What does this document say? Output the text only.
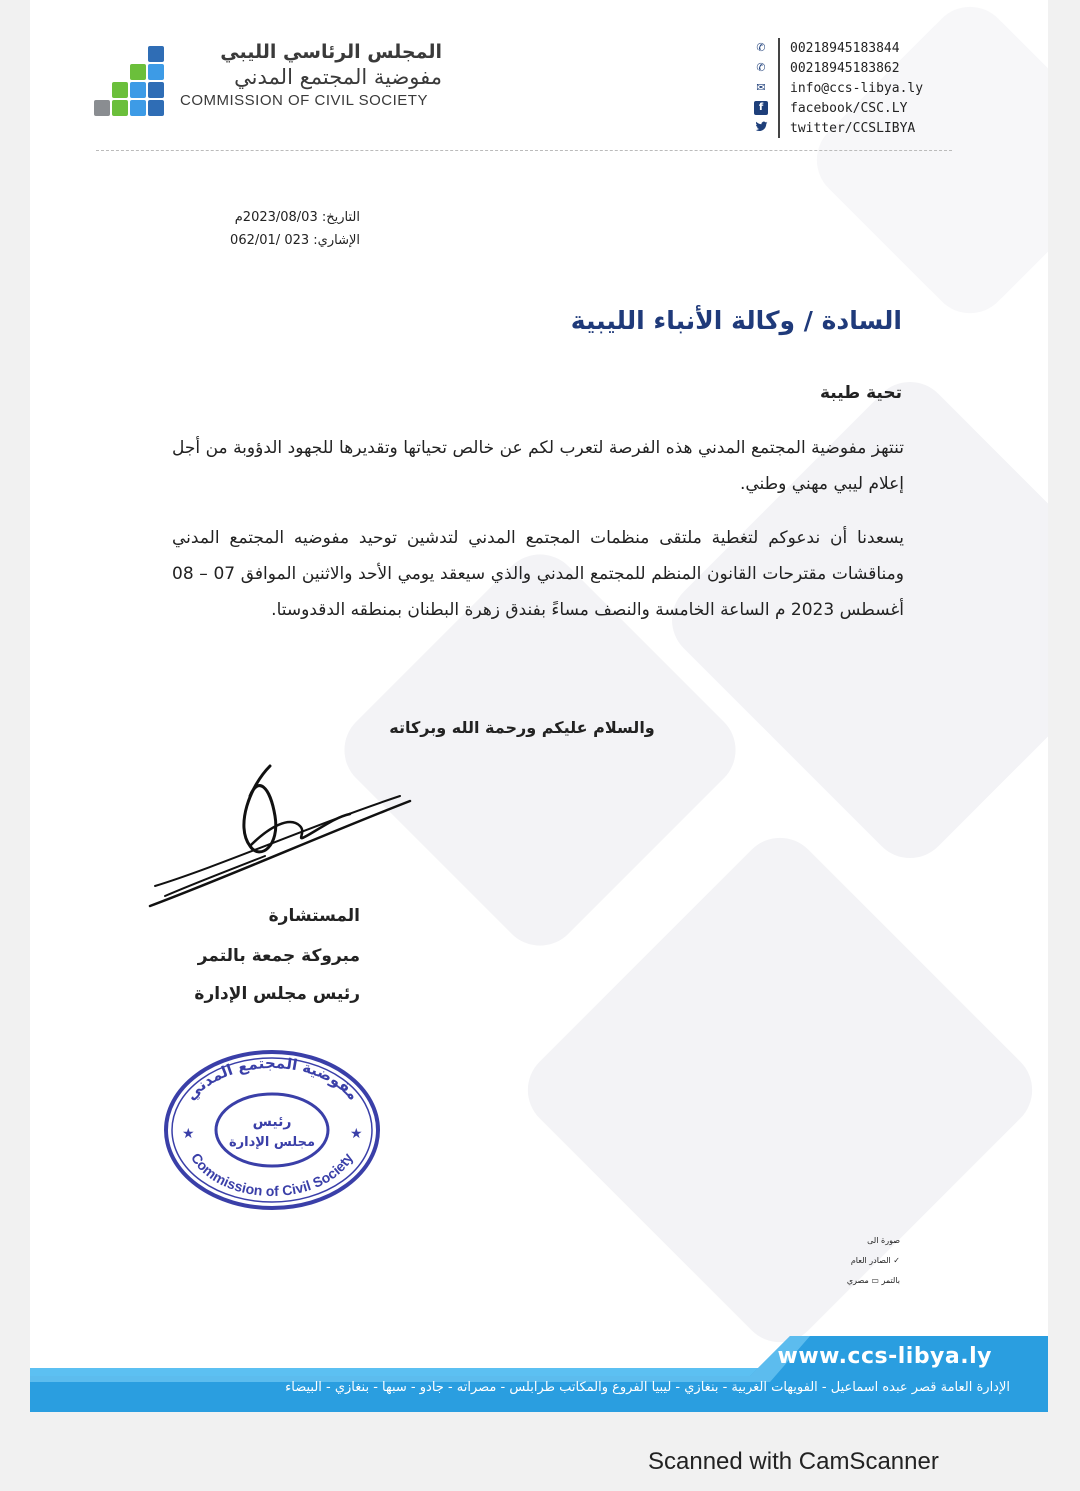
المجلس الرئاسي الليبي
مفوضية المجتمع المدني
COMMISSION OF CIVIL SOCIETY
✆	00218945183844
✆	00218945183862
✉	info@ccs-libya.ly
f	facebook/CSC.LY
twitter/CCSLIBYA
التاريخ: 2023/08/03م
الإشاري: 023 /062/01
السادة / وكالة الأنباء الليبية
تحية طيبة
تنتهز مفوضية المجتمع المدني هذه الفرصة لتعرب لكم عن خالص تحياتها وتقديرها للجهود الدؤوبة من أجل إعلام ليبي مهني وطني.
يسعدنا أن ندعوكم لتغطية ملتقى منظمات المجتمع المدني لتدشين توحيد مفوضيه المجتمع المدني ومناقشات مقترحات القانون المنظم للمجتمع المدني والذي سيعقد يومي الأحد والاثنين الموافق 07 – 08 أغسطس 2023 م الساعة الخامسة والنصف مساءً بفندق زهرة البطنان بمنطقه الدقدوستا.
والسلام عليكم ورحمة الله وبركاته
المستشارة
مبروكة جمعة بالتمر
رئيس مجلس الإدارة
مفوضية المجتمع المدني
Commission of Civil Society
رئيس
مجلس الإدارة
★	★
صورة الى
✓ الصادر العام
بالتمر ▭ مصري
www.ccs-libya.ly
الإدارة العامة قصر عبده اسماعيل - الفويهات الغربية - بنغازي - ليبيا الفروع والمكاتب طرابلس - مصراته - جادو - سبها - بنغازي - البيضاء
Scanned with CamScanner
